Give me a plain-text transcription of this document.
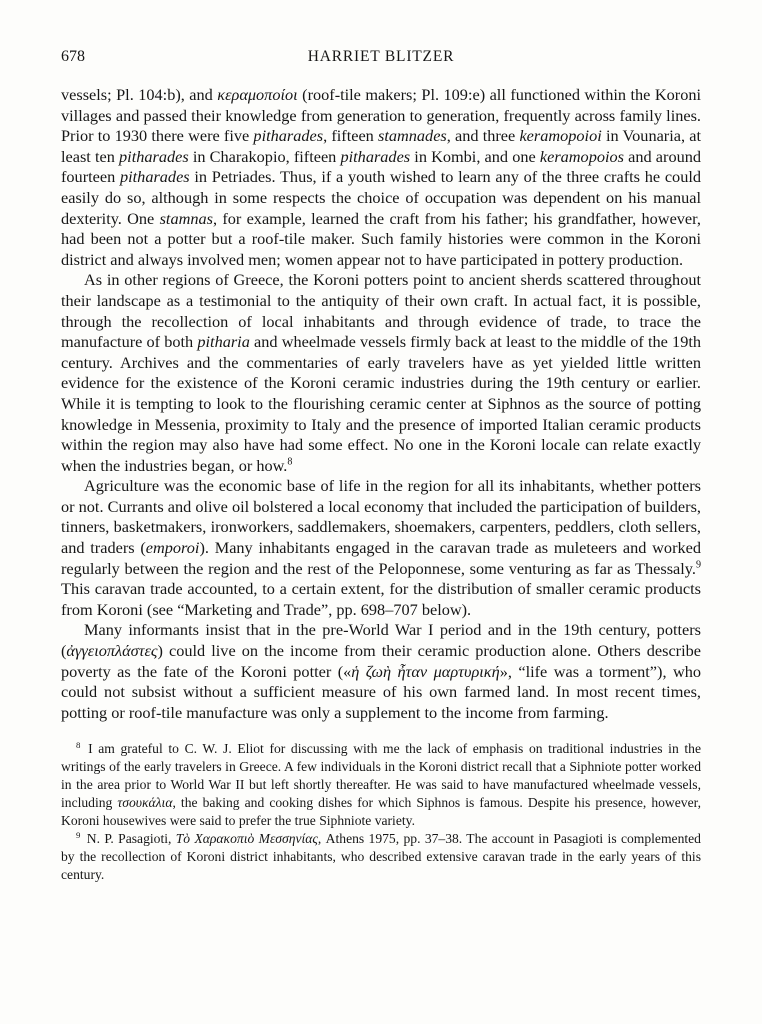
678	HARRIET BLITZER

vessels; Pl. 104:b), and κεραμοποίοι (roof-tile makers; Pl. 109:e) all functioned within the Koroni villages and passed their knowledge from generation to generation, frequently across family lines. Prior to 1930 there were five pitharades, fifteen stamnades, and three keramopoioi in Vounaria, at least ten pitharades in Charakopio, fifteen pitharades in Kombi, and one keramopoios and around fourteen pitharades in Petriades. Thus, if a youth wished to learn any of the three crafts he could easily do so, although in some respects the choice of occupation was dependent on his manual dexterity. One stamnas, for example, learned the craft from his father; his grandfather, however, had been not a potter but a roof-tile maker. Such family histories were common in the Koroni district and always involved men; women appear not to have participated in pottery production.

As in other regions of Greece, the Koroni potters point to ancient sherds scattered throughout their landscape as a testimonial to the antiquity of their own craft. In actual fact, it is possible, through the recollection of local inhabitants and through evidence of trade, to trace the manufacture of both pitharia and wheelmade vessels firmly back at least to the middle of the 19th century. Archives and the commentaries of early travelers have as yet yielded little written evidence for the existence of the Koroni ceramic industries during the 19th century or earlier. While it is tempting to look to the flourishing ceramic center at Siphnos as the source of potting knowledge in Messenia, proximity to Italy and the presence of imported Italian ceramic products within the region may also have had some effect. No one in the Koroni locale can relate exactly when the industries began, or how.$^8$

Agriculture was the economic base of life in the region for all its inhabitants, whether potters or not. Currants and olive oil bolstered a local economy that included the participation of builders, tinners, basketmakers, ironworkers, saddlemakers, shoemakers, carpenters, peddlers, cloth sellers, and traders (emporoi). Many inhabitants engaged in the caravan trade as muleteers and worked regularly between the region and the rest of the Peloponnese, some venturing as far as Thessaly.$^9$ This caravan trade accounted, to a certain extent, for the distribution of smaller ceramic products from Koroni (see “Marketing and Trade”, pp. 698–707 below).

Many informants insist that in the pre-World War I period and in the 19th century, potters (ἀγγειοπλάστες) could live on the income from their ceramic production alone. Others describe poverty as the fate of the Koroni potter («ἡ ζωὴ ἦταν μαρτυρική», “life was a torment”), who could not subsist without a sufficient measure of his own farmed land. In most recent times, potting or roof-tile manufacture was only a supplement to the income from farming.

$^8$ I am grateful to C. W. J. Eliot for discussing with me the lack of emphasis on traditional industries in the writings of the early travelers in Greece. A few individuals in the Koroni district recall that a Siphniote potter worked in the area prior to World War II but left shortly thereafter. He was said to have manufactured wheelmade vessels, including τσουκάλια, the baking and cooking dishes for which Siphnos is famous. Despite his presence, however, Koroni housewives were said to prefer the true Siphniote variety.

$^9$ N. P. Pasagioti, Τὸ Χαρακοπιὸ Μεσσηνίας, Athens 1975, pp. 37–38. The account in Pasagioti is complemented by the recollection of Koroni district inhabitants, who described extensive caravan trade in the early years of this century.
